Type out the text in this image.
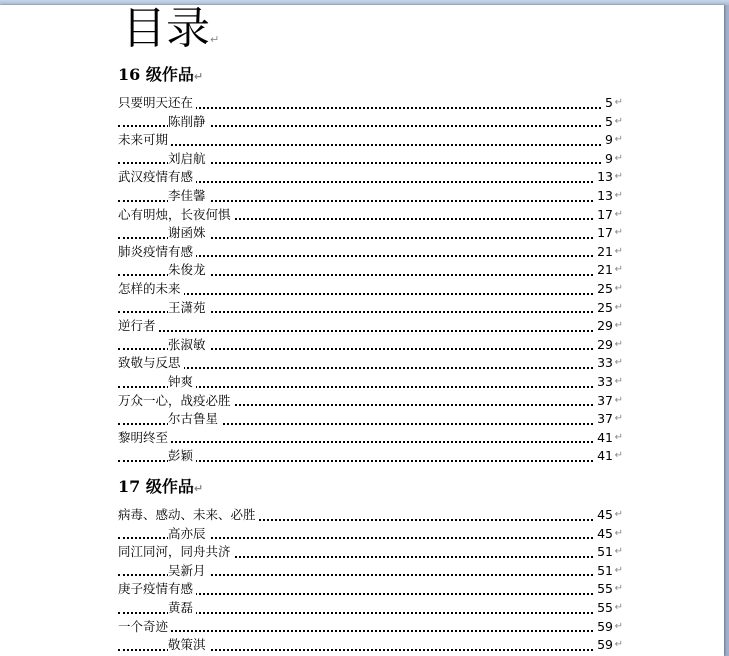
目录↵
16 级作品↵
只要明天还在	5 ↵
陈削静	5 ↵
未来可期	9 ↵
刘启航	9 ↵
武汉疫情有感	13 ↵
李佳馨	13 ↵
心有明烛，长夜何惧	17 ↵
谢函姝	17 ↵
肺炎疫情有感	21 ↵
朱俊龙	21 ↵
怎样的未来	25 ↵
王潇苑	25 ↵
逆行者	29 ↵
张淑敏	29 ↵
致敬与反思	33 ↵
钟爽	33 ↵
万众一心，战疫必胜	37 ↵
尔古鲁星	37 ↵
黎明终至	41 ↵
彭颖	41 ↵
17 级作品↵
病毒、感动、未来、必胜	45 ↵
高亦辰	45 ↵
同江同河，同舟共济	51 ↵
吴新月	51 ↵
庚子疫情有感	55 ↵
黄磊	55 ↵
一个奇迹	59 ↵
敬策淇	59 ↵
